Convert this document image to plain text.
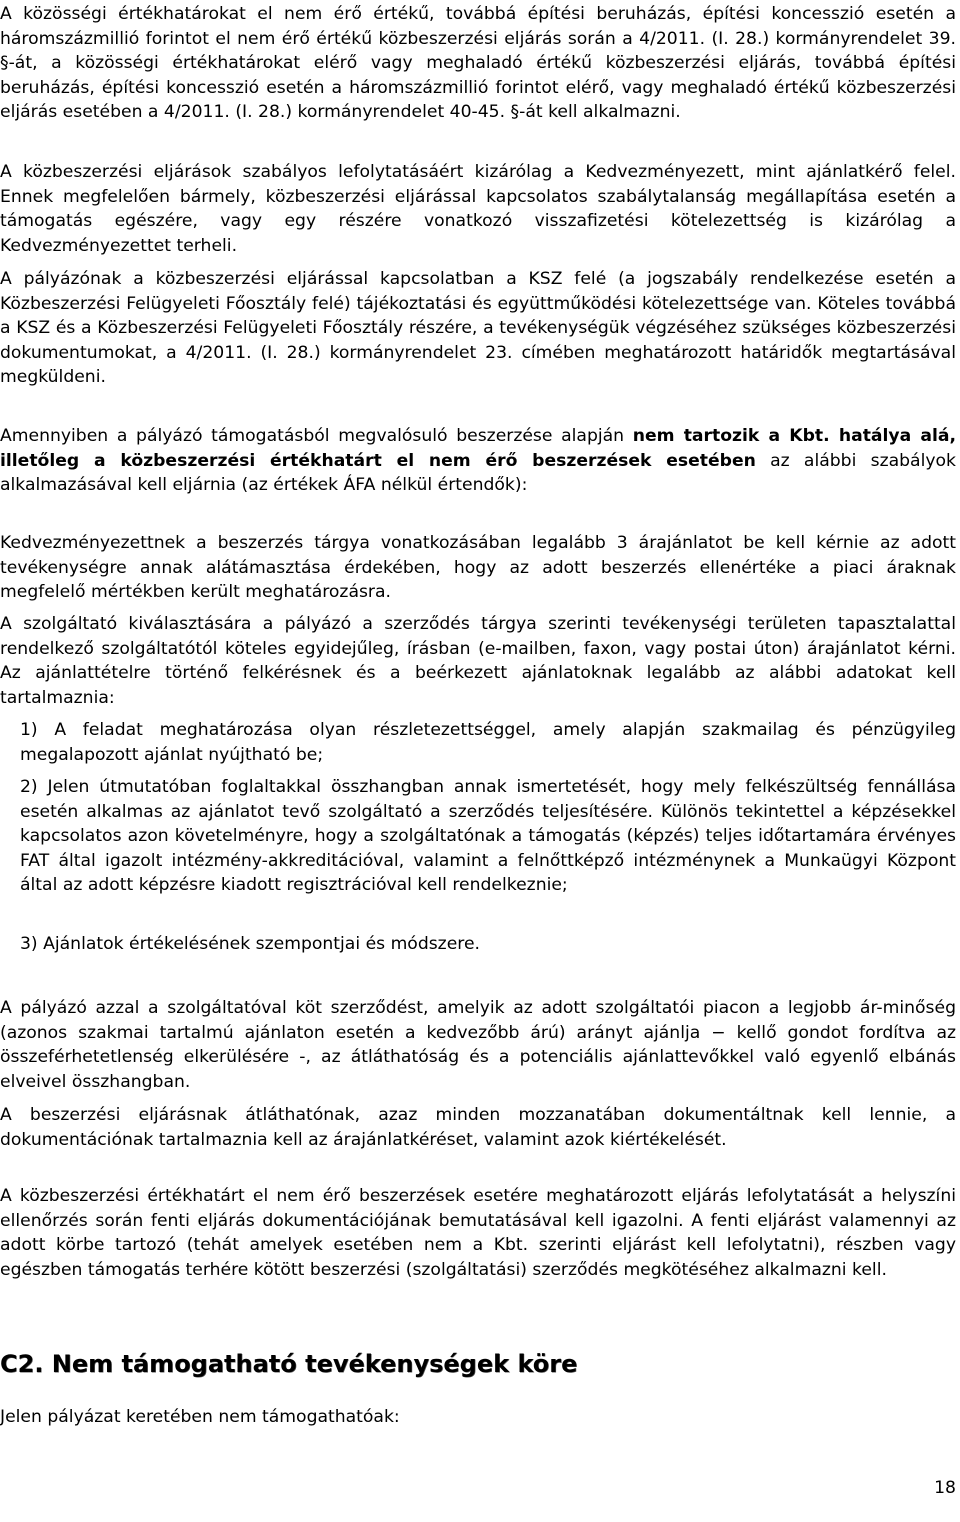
A közösségi értékhatárokat el nem érő értékű, továbbá építési beruházás, építési koncesszió esetén a háromszázmillió forintot el nem érő értékű közbeszerzési eljárás során a 4/2011. (I. 28.) kormányrendelet 39. §-át, a közösségi értékhatárokat elérő vagy meghaladó értékű közbeszerzési eljárás, továbbá építési beruházás, építési koncesszió esetén a háromszázmillió forintot elérő, vagy meghaladó értékű közbeszerzési eljárás esetében a 4/2011. (I. 28.) kormányrendelet 40-45. §-át kell alkalmazni.

A közbeszerzési eljárások szabályos lefolytatásáért kizárólag a Kedvezményezett, mint ajánlatkérő felel. Ennek megfelelően bármely, közbeszerzési eljárással kapcsolatos szabálytalanság megállapítása esetén a támogatás egészére, vagy egy részére vonatkozó visszafizetési kötelezettség is kizárólag a Kedvezményezettet terheli.

A pályázónak a közbeszerzési eljárással kapcsolatban a KSZ felé (a jogszabály rendelkezése esetén a Közbeszerzési Felügyeleti Főosztály felé) tájékoztatási és együttműködési kötelezettsége van. Köteles továbbá a KSZ és a Közbeszerzési Felügyeleti Főosztály részére, a tevékenységük végzéséhez szükséges közbeszerzési dokumentumokat, a 4/2011. (I. 28.) kormányrendelet 23. címében meghatározott határidők megtartásával megküldeni.

Amennyiben a pályázó támogatásból megvalósuló beszerzése alapján nem tartozik a Kbt. hatálya alá, illetőleg a közbeszerzési értékhatárt el nem érő beszerzések esetében az alábbi szabályok alkalmazásával kell eljárnia (az értékek ÁFA nélkül értendők):

Kedvezményezettnek a beszerzés tárgya vonatkozásában legalább 3 árajánlatot be kell kérnie az adott tevékenységre annak alátámasztása érdekében, hogy az adott beszerzés ellenértéke a piaci áraknak megfelelő mértékben került meghatározásra.

A szolgáltató kiválasztására a pályázó a szerződés tárgya szerinti tevékenységi területen tapasztalattal rendelkező szolgáltatótól köteles egyidejűleg, írásban (e-mailben, faxon, vagy postai úton) árajánlatot kérni. Az ajánlattételre történő felkérésnek és a beérkezett ajánlatoknak legalább az alábbi adatokat kell tartalmaznia:

1) A feladat meghatározása olyan részletezettséggel, amely alapján szakmailag és pénzügyileg megalapozott ajánlat nyújtható be;

2) Jelen útmutatóban foglaltakkal összhangban annak ismertetését, hogy mely felkészültség fennállása esetén alkalmas az ajánlatot tevő szolgáltató a szerződés teljesítésére. Különös tekintettel a képzésekkel kapcsolatos azon követelményre, hogy a szolgáltatónak a támogatás (képzés) teljes időtartamára érvényes FAT által igazolt intézmény-akkreditációval, valamint a felnőttképző intézménynek a Munkaügyi Központ által az adott képzésre kiadott regisztrációval kell rendelkeznie;

3) Ajánlatok értékelésének szempontjai és módszere.

A pályázó azzal a szolgáltatóval köt szerződést, amelyik az adott szolgáltatói piacon a legjobb ár-minőség (azonos szakmai tartalmú ajánlaton esetén a kedvezőbb árú) arányt ajánlja − kellő gondot fordítva az összeférhetetlenség elkerülésére -, az átláthatóság és a potenciális ajánlattevőkkel való egyenlő elbánás elveivel összhangban.

A beszerzési eljárásnak átláthatónak, azaz minden mozzanatában dokumentáltnak kell lennie, a dokumentációnak tartalmaznia kell az árajánlatkéréset, valamint azok kiértékelését.

A közbeszerzési értékhatárt el nem érő beszerzések esetére meghatározott eljárás lefolytatását a helyszíni ellenőrzés során fenti eljárás dokumentációjának bemutatásával kell igazolni. A fenti eljárást valamennyi az adott körbe tartozó (tehát amelyek esetében nem a Kbt. szerinti eljárást kell lefolytatni), részben vagy egészben támogatás terhére kötött beszerzési (szolgáltatási) szerződés megkötéséhez alkalmazni kell.

C2. Nem támogatható tevékenységek köre

Jelen pályázat keretében nem támogathatóak:

18
